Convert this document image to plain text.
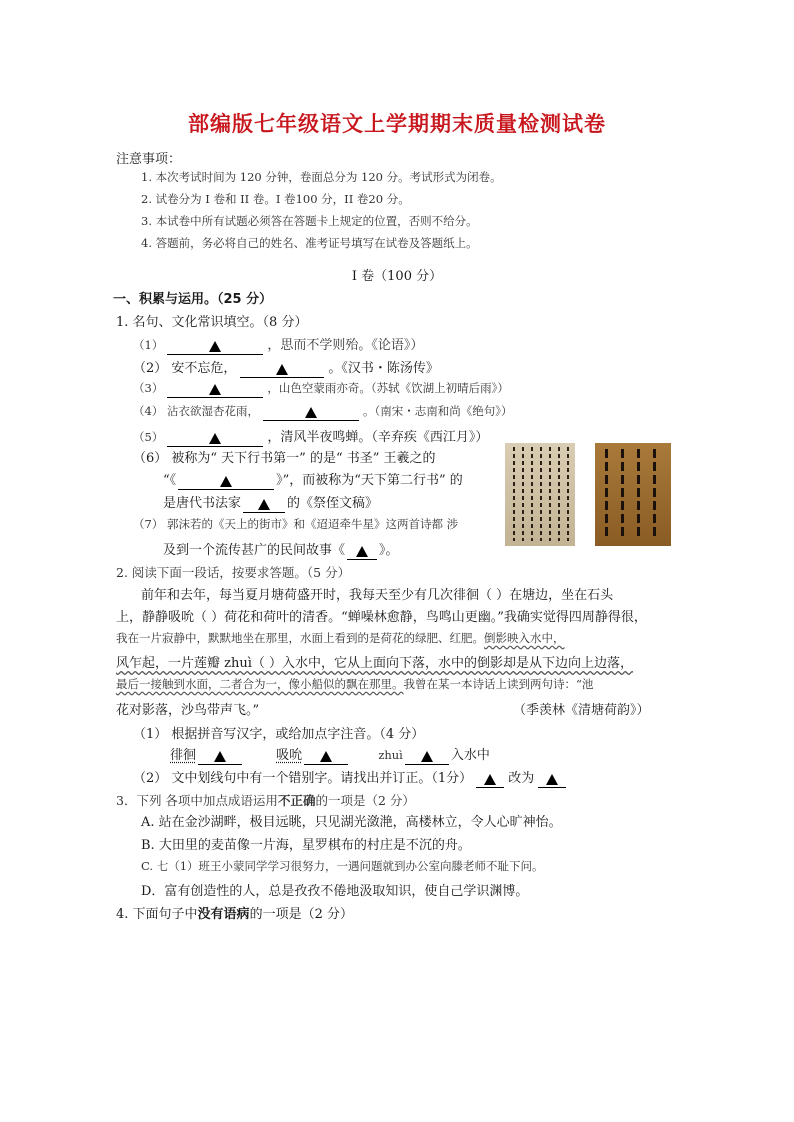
部编版七年级语文上学期期末质量检测试卷
注意事项：
1. 本次考试时间为 120 分钟，卷面总分为 120 分。考试形式为闭卷。
2. 试卷分为 I 卷和 II 卷。I 卷100 分，II 卷20 分。
3. 本试卷中所有试题必须答在答题卡上规定的位置，否则不给分。
4. 答题前，务必将自己的姓名、准考证号填写在试卷及答题纸上。
I 卷（100 分）
一、积累与运用。（25 分）
1. 名句、文化常识填空。（8 分）
（1）	，思而不学则殆。《论语》）
（2） 安不忘危，	。《汉书・陈汤传》
（3）	，山色空蒙雨亦奇。（苏轼《饮湖上初晴后雨》）
（4） 沾衣欲湿杏花雨，	。（南宋・志南和尚《绝句》）
（5）	，清风半夜鸣蝉。（辛弃疾《西江月》）
（6） 被称为“ 天下行书第一” 的是“ 书圣” 王羲之的
“《	》”，而被称为“天下第二行书” 的
是唐代书法家	的《祭侄文稿》
（7） 郭沫若的《天上的街市》和《迢迢牵牛星》这两首诗都 涉
及到一个流传甚广的民间故事《	》。
2. 阅读下面一段话，按要求答题。（5 分）
前年和去年，每当夏月塘荷盛开时，我每天至少有几次徘徊（ ）在塘边，坐在石头
上，静静吸吮（ ）荷花和荷叶的清香。“蝉噪林愈静，鸟鸣山更幽。”我确实觉得四周静得很，
我在一片寂静中，默默地坐在那里，水面上看到的是荷花的绿肥、红肥。倒影映入水中，
风乍起，一片莲瓣 zhuì（ ）入水中，它从上面向下落，水中的倒影却是从下边向上边落，
最后一接触到水面，二者合为一，像小船似的飘在那里。我曾在某一本诗话上读到两句诗：“池
花对影落，沙鸟带声飞。”	（季羡林《清塘荷韵》）
（1） 根据拼音写汉字，或给加点字注音。（4 分）
徘徊	吸吮	zhuì	入水中
（2） 文中划线句中有一个错别字。请找出并订正。（1分）	改为
3．下列 各项中加点成语运用不正确的一项是（2 分）
A. 站在金沙湖畔，极目远眺，只见湖光潋滟，高楼林立，令人心旷神怡。
B. 大田里的麦苗像一片海，星罗棋布的村庄是不沉的舟。
C. 七（1）班王小蒙同学学习很努力，一遇问题就到办公室向滕老师不耻下问。
D．富有创造性的人，总是孜孜不倦地汲取知识，使自己学识渊博。
4. 下面句子中没有语病的一项是（2 分）
